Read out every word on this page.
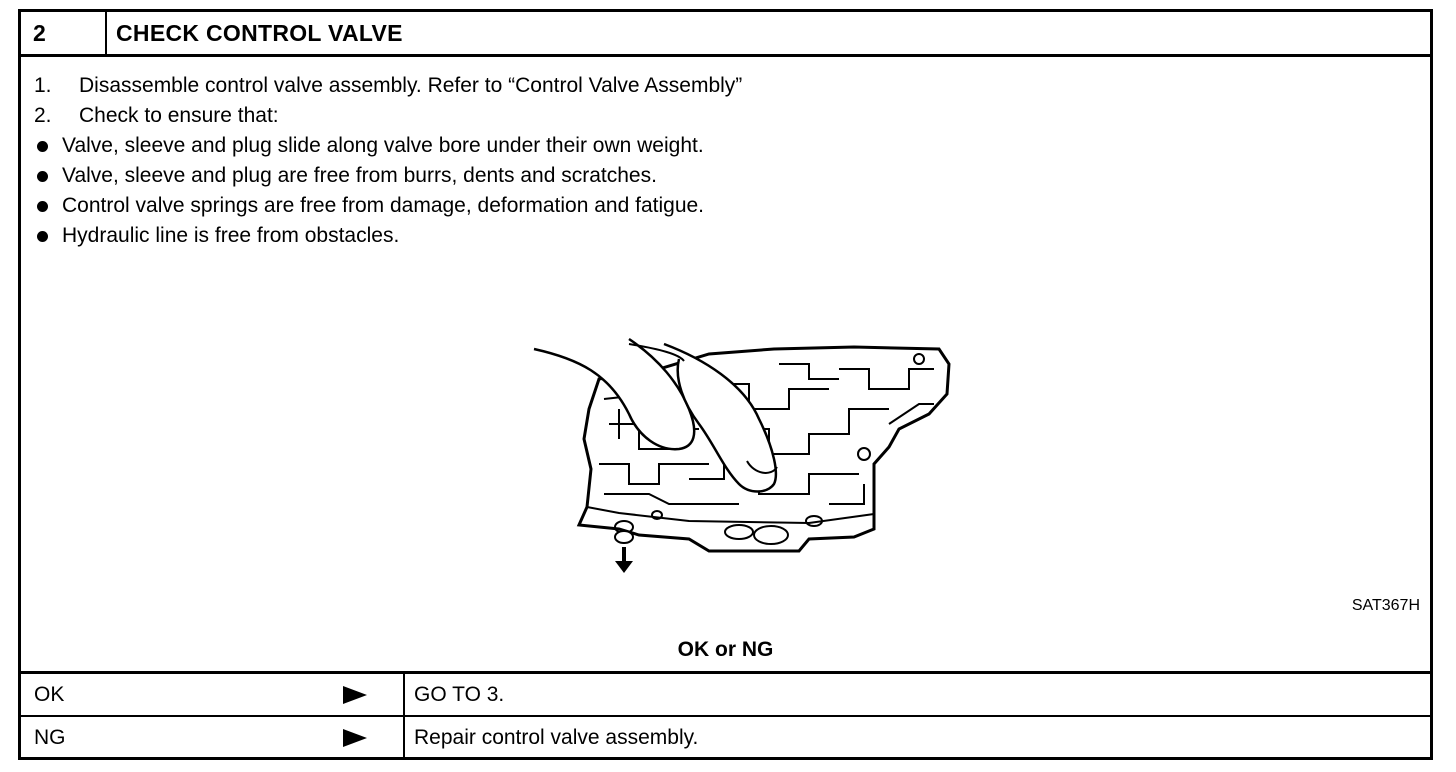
2	CHECK CONTROL VALVE
1.	Disassemble control valve assembly. Refer to “Control Valve Assembly”
2.	Check to ensure that:
Valve, sleeve and plug slide along valve bore under their own weight.
Valve, sleeve and plug are free from burrs, dents and scratches.
Control valve springs are free from damage, deformation and fatigue.
Hydraulic line is free from obstacles.
SAT367H
OK or NG
OK	GO TO 3.
NG	Repair control valve assembly.
